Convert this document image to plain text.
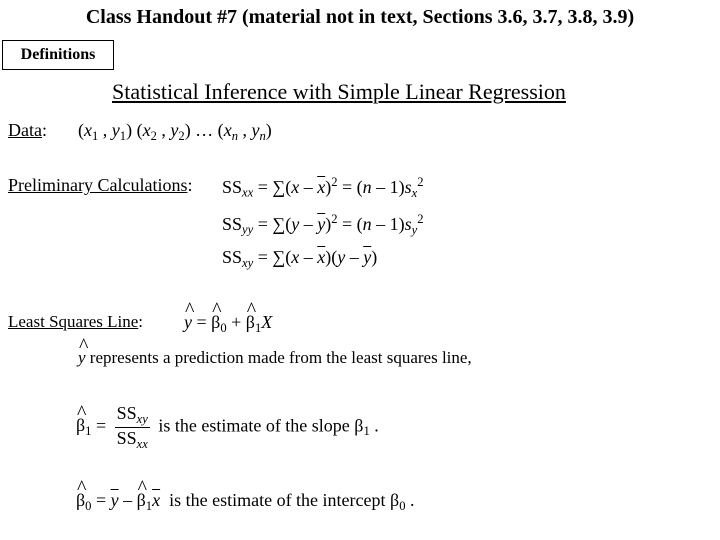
Class Handout #7 (material not in text, Sections 3.6, 3.7, 3.8, 3.9)
Definitions
Statistical Inference with Simple Linear Regression
Data: ($x_1$ , $y_1$) ($x_2$ , $y_2$) … ($x_n$ , $y_n$)
Preliminary Calculations: $SS_{xx} = \sum(x - \overline{x})^2 = (n - 1)s_x^2$
$SS_{yy} = \sum(y - \overline{y})^2 = (n - 1)s_y^2$
$SS_{xy} = \sum(x - \overline{x})(y - \overline{y})$
Least Squares Line: ^ y = ^ $\beta_0$ + ^ $\beta_1X$
^ y represents a prediction made from the least squares line,
^ $\beta_1 = \frac{SS_{xy}}{SS_{xx}}$ is the estimate of the slope $\beta_1$ .
^ $\beta_0 = \overline{y}$ – ^ $\beta_1\overline{x}$ is the estimate of the intercept $\beta_0$ .
